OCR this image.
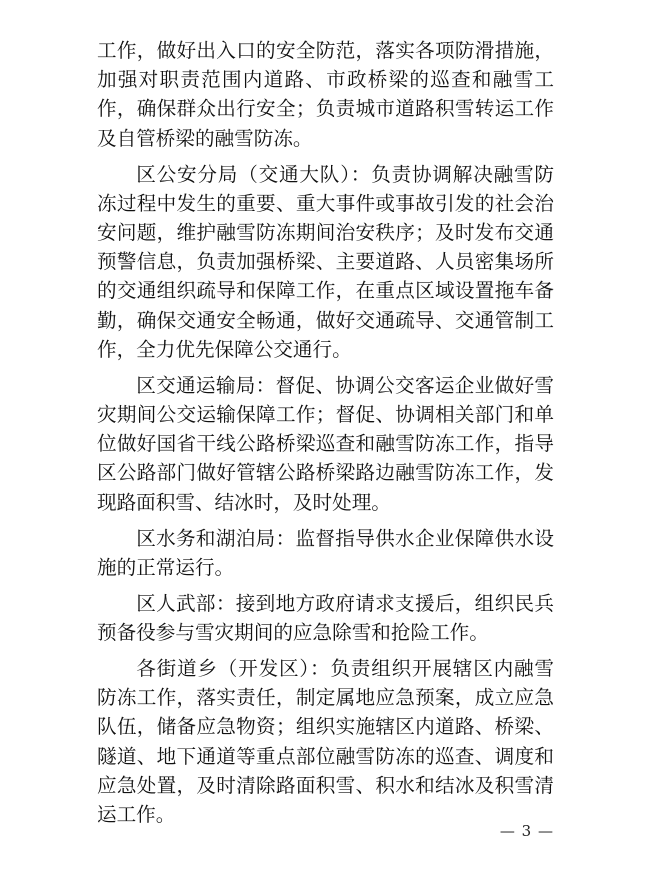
工作，做好出入口的安全防范，落实各项防滑措施，加强对职责范围内道路、市政桥梁的巡查和融雪工作，确保群众出行安全；负责城市道路积雪转运工作及自管桥梁的融雪防冻。

区公安分局（交通大队）：负责协调解决融雪防冻过程中发生的重要、重大事件或事故引发的社会治安问题，维护融雪防冻期间治安秩序；及时发布交通预警信息，负责加强桥梁、主要道路、人员密集场所的交通组织疏导和保障工作，在重点区域设置拖车备勤，确保交通安全畅通，做好交通疏导、交通管制工作，全力优先保障公交通行。

区交通运输局：督促、协调公交客运企业做好雪灾期间公交运输保障工作；督促、协调相关部门和单位做好国省干线公路桥梁巡查和融雪防冻工作，指导区公路部门做好管辖公路桥梁路边融雪防冻工作，发现路面积雪、结冰时，及时处理。

区水务和湖泊局：监督指导供水企业保障供水设施的正常运行。

区人武部：接到地方政府请求支援后，组织民兵预备役参与雪灾期间的应急除雪和抢险工作。

各街道乡（开发区）：负责组织开展辖区内融雪防冻工作，落实责任，制定属地应急预案，成立应急队伍，储备应急物资；组织实施辖区内道路、桥梁、隧道、地下通道等重点部位融雪防冻的巡查、调度和应急处置，及时清除路面积雪、积水和结冰及积雪清运工作。

— 3 —
